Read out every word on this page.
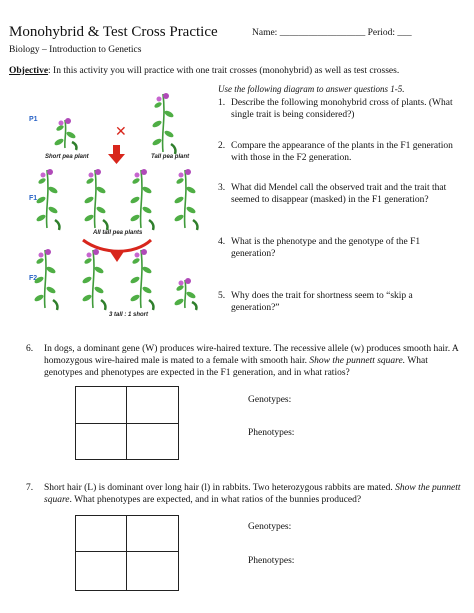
Monohybrid & Test Cross Practice	Name: __________________ Period: ___
Biology – Introduction to Genetics
Objective: In this activity you will practice with one trait crosses (monohybrid) as well as test crosses.
P1
F1
F2
✕
Short pea plant	Tall pea plant
All tall pea plants
3 tall : 1 short
Use the following diagram to answer questions 1-5.
1. Describe the following monohybrid cross of plants. (What single trait is being considered?)
2. Compare the appearance of the plants in the F1 generation with those in the F2 generation.
3. What did Mendel call the observed trait and the trait that seemed to disappear (masked) in the F1 generation?
4. What is the phenotype and the genotype of the F1 generation?
5. Why does the trait for shortness seem to “skip a generation?”
6. In dogs, a dominant gene (W) produces wire-haired texture. The recessive allele (w) produces smooth hair. A homozygous wire-haired male is mated to a female with smooth hair. Show the punnett square. What genotypes and phenotypes are expected in the F1 generation, and in what ratios?
Genotypes:
Phenotypes:
7. Short hair (L) is dominant over long hair (l) in rabbits. Two heterozygous rabbits are mated. Show the punnett square. What phenotypes are expected, and in what ratios of the bunnies produced?
Genotypes:
Phenotypes:
